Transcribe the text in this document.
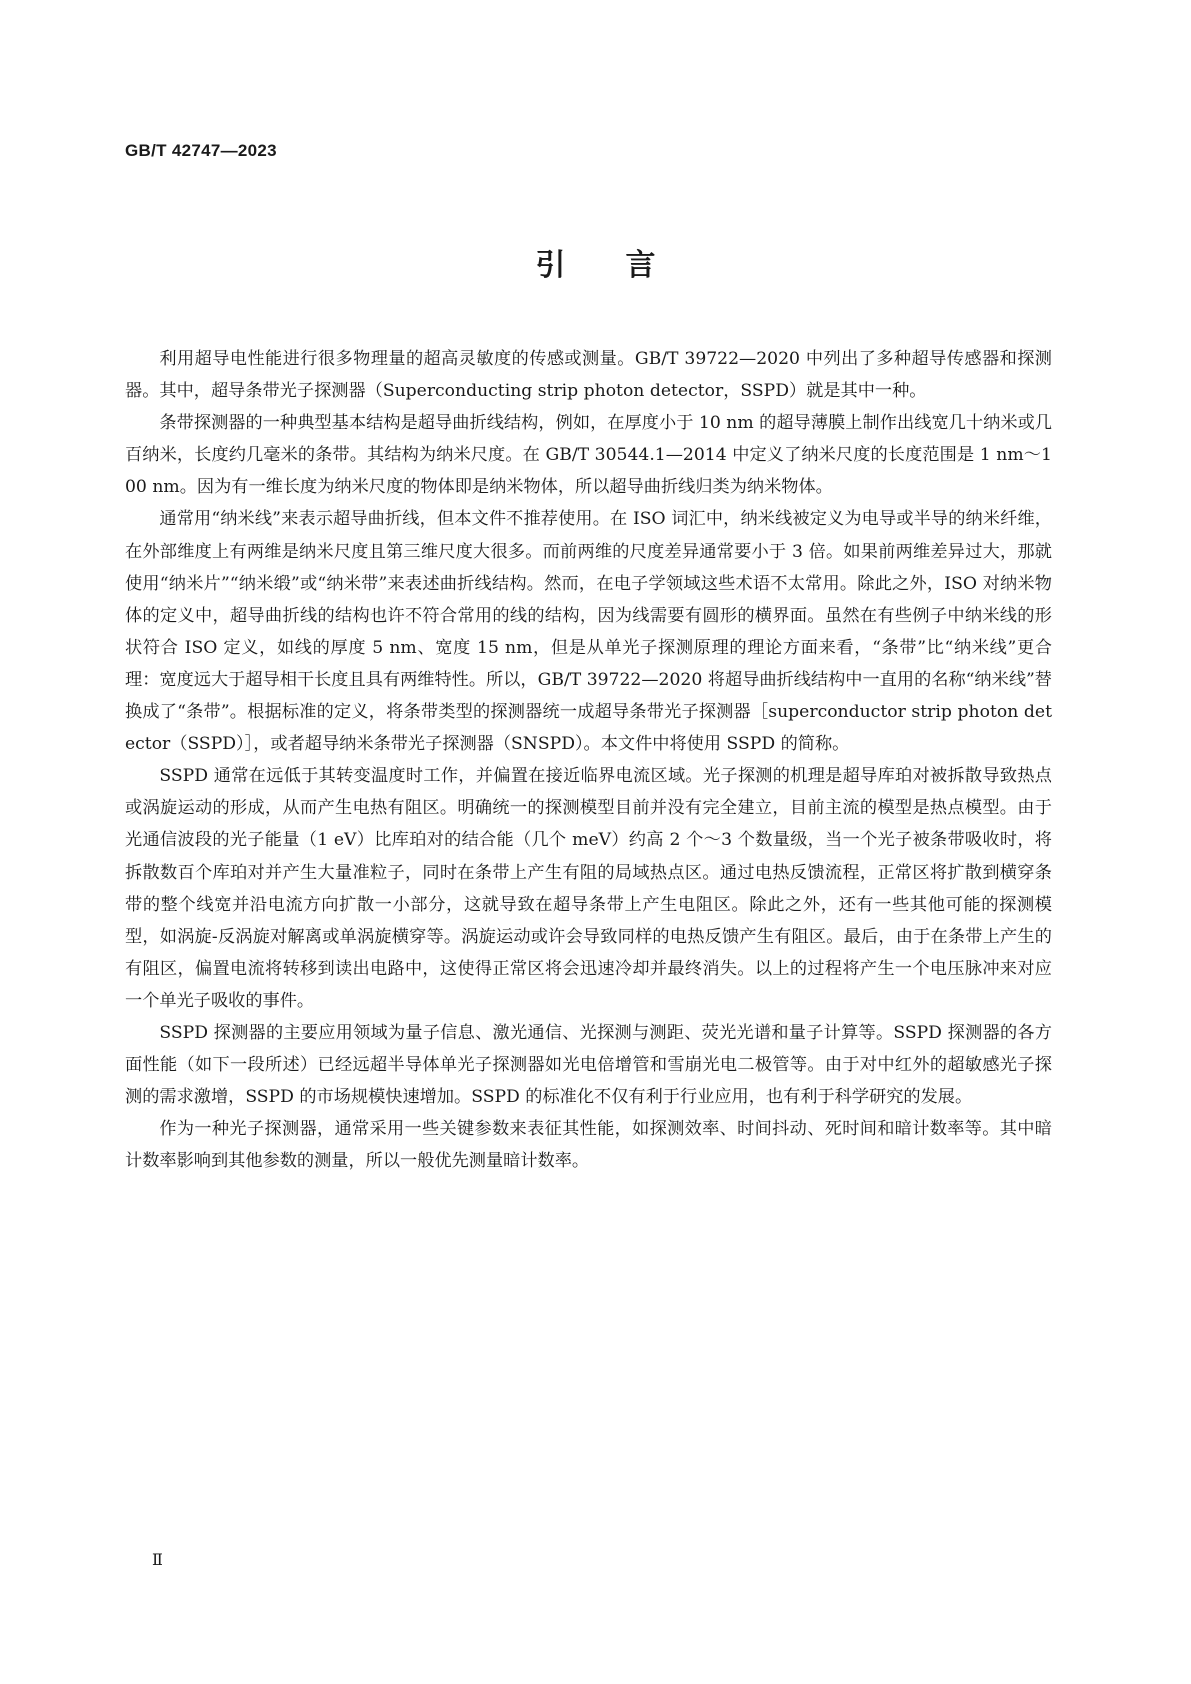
GB/T 42747—2023
引言

利用超导电性能进行很多物理量的超高灵敏度的传感或测量。GB/T 39722—2020 中列出了多种超导传感器和探测器。其中，超导条带光子探测器（Superconducting strip photon detector，SSPD）就是其中一种。

条带探测器的一种典型基本结构是超导曲折线结构，例如，在厚度小于 10 nm 的超导薄膜上制作出线宽几十纳米或几百纳米，长度约几毫米的条带。其结构为纳米尺度。在 GB/T 30544.1—2014 中定义了纳米尺度的长度范围是 1 nm～100 nm。因为有一维长度为纳米尺度的物体即是纳米物体，所以超导曲折线归类为纳米物体。

通常用“纳米线”来表示超导曲折线，但本文件不推荐使用。在 ISO 词汇中，纳米线被定义为电导或半导的纳米纤维，在外部维度上有两维是纳米尺度且第三维尺度大很多。而前两维的尺度差异通常要小于 3 倍。如果前两维差异过大，那就使用“纳米片”“纳米缎”或“纳米带”来表述曲折线结构。然而，在电子学领域这些术语不太常用。除此之外，ISO 对纳米物体的定义中，超导曲折线的结构也许不符合常用的线的结构，因为线需要有圆形的横界面。虽然在有些例子中纳米线的形状符合 ISO 定义，如线的厚度 5 nm、宽度 15 nm，但是从单光子探测原理的理论方面来看，“条带”比“纳米线”更合理：宽度远大于超导相干长度且具有两维特性。所以，GB/T 39722—2020 将超导曲折线结构中一直用的名称“纳米线”替换成了“条带”。根据标准的定义，将条带类型的探测器统一成超导条带光子探测器［superconductor strip photon detector（SSPD）］，或者超导纳米条带光子探测器（SNSPD）。本文件中将使用 SSPD 的简称。

SSPD 通常在远低于其转变温度时工作，并偏置在接近临界电流区域。光子探测的机理是超导库珀对被拆散导致热点或涡旋运动的形成，从而产生电热有阻区。明确统一的探测模型目前并没有完全建立，目前主流的模型是热点模型。由于光通信波段的光子能量（1 eV）比库珀对的结合能（几个 meV）约高 2 个～3 个数量级，当一个光子被条带吸收时，将拆散数百个库珀对并产生大量准粒子，同时在条带上产生有阻的局域热点区。通过电热反馈流程，正常区将扩散到横穿条带的整个线宽并沿电流方向扩散一小部分，这就导致在超导条带上产生电阻区。除此之外，还有一些其他可能的探测模型，如涡旋-反涡旋对解离或单涡旋横穿等。涡旋运动或许会导致同样的电热反馈产生有阻区。最后，由于在条带上产生的有阻区，偏置电流将转移到读出电路中，这使得正常区将会迅速冷却并最终消失。以上的过程将产生一个电压脉冲来对应一个单光子吸收的事件。

SSPD 探测器的主要应用领域为量子信息、激光通信、光探测与测距、荧光光谱和量子计算等。SSPD 探测器的各方面性能（如下一段所述）已经远超半导体单光子探测器如光电倍增管和雪崩光电二极管等。由于对中红外的超敏感光子探测的需求激增，SSPD 的市场规模快速增加。SSPD 的标准化不仅有利于行业应用，也有利于科学研究的发展。

作为一种光子探测器，通常采用一些关键参数来表征其性能，如探测效率、时间抖动、死时间和暗计数率等。其中暗计数率影响到其他参数的测量，所以一般优先测量暗计数率。

Ⅱ
